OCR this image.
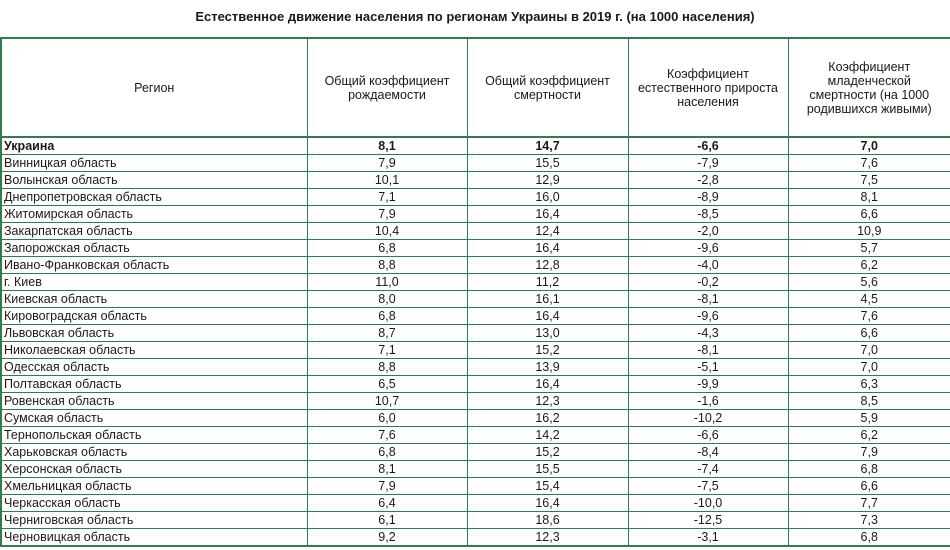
Естественное движение населения по регионам Украины в 2019 г. (на 1000 населения)
Регион	Общий коэффициент рождаемости	Общий коэффициент смертности	Коэффициент естественного прироста населения	Коэффициент младенческой смертности (на 1000 родившихся живыми)
Украина	8,1	14,7	-6,6	7,0
Винницкая область	7,9	15,5	-7,9	7,6
Волынская область	10,1	12,9	-2,8	7,5
Днепропетровская область	7,1	16,0	-8,9	8,1
Житомирская область	7,9	16,4	-8,5	6,6
Закарпатская область	10,4	12,4	-2,0	10,9
Запорожская область	6,8	16,4	-9,6	5,7
Ивано-Франковская область	8,8	12,8	-4,0	6,2
г. Киев	11,0	11,2	-0,2	5,6
Киевская область	8,0	16,1	-8,1	4,5
Кировоградская область	6,8	16,4	-9,6	7,6
Львовская область	8,7	13,0	-4,3	6,6
Николаевская область	7,1	15,2	-8,1	7,0
Одесская область	8,8	13,9	-5,1	7,0
Полтавская область	6,5	16,4	-9,9	6,3
Ровенская область	10,7	12,3	-1,6	8,5
Сумская область	6,0	16,2	-10,2	5,9
Тернопольская область	7,6	14,2	-6,6	6,2
Харьковская область	6,8	15,2	-8,4	7,9
Херсонская область	8,1	15,5	-7,4	6,8
Хмельницкая область	7,9	15,4	-7,5	6,6
Черкасская область	6,4	16,4	-10,0	7,7
Черниговская область	6,1	18,6	-12,5	7,3
Черновицкая область	9,2	12,3	-3,1	6,8
